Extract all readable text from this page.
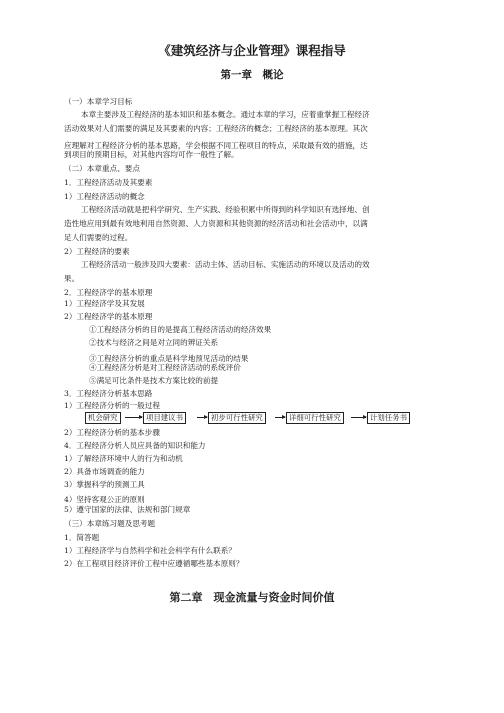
《建筑经济与企业管理》课程指导
第一章　概论
（一）本章学习目标
本章主要涉及工程经济的基本知识和基本概念。通过本章的学习，应着重掌握工程经济
活动效果对人们需要的满足及其要素的内容；工程经济的概念；工程经济的基本原理。其次
应理解对工程经济分析的基本思路，学会根据不同工程项目的特点，采取最有效的措施，达
到项目的预期目标，对其他内容均可作一般性了解。
（二）本章重点、要点
1．工程经济活动及其要素
1）工程经济活动的概念
工程经济活动就是把科学研究、生产实践、经验积累中所得到的科学知识有选择地、创
造性地应用到最有效地利用自然资源、人力资源和其他资源的经济活动和社会活动中，以满
足人们需要的过程。
2）工程经济的要素
工程经济活动一般涉及四大要素：活动主体、活动目标、实施活动的环境以及活动的效
果。
2．工程经济学的基本原理
1）工程经济学及其发展
2）工程经济学的基本原理
①工程经济分析的目的是提高工程经济活动的经济效果
②技术与经济之间是对立同的辨证关系
③工程经济分析的重点是科学地预见活动的结果
④工程经济分析是对工程经济活动的系统评价
⑤满足可比条件是技术方案比较的前提
3．工程经济分析基本思路
1）工程经济分析的一般过程
机会研究	项目建议书	初步可行性研究	详细可行性研究	计划任务书
2）工程经济分析的基本步骤
4．工程经济分析人员应具备的知识和能力
1）了解经济环境中人的行为和动机
2）具备市场调查的能力
3）掌握科学的预测工具
4）坚持客观公正的原则
5）遵守国家的法律、法规和部门规章
（三）本章练习题及思考题
1．简答题
1）工程经济学与自然科学和社会科学有什么联系？
2）在工程项目经济评价工程中应遵循哪些基本原则？
第二章　现金流量与资金时间价值
